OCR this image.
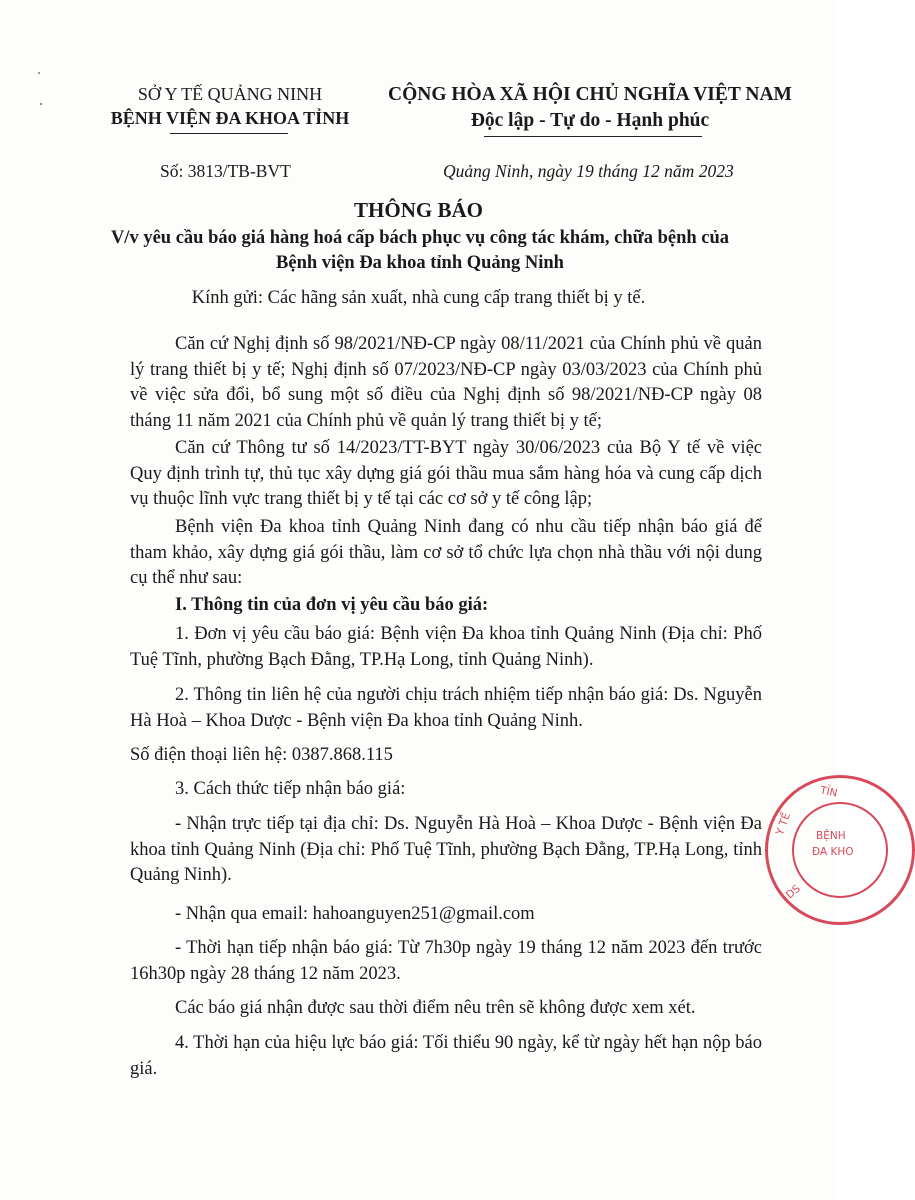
SỞ Y TẾ QUẢNG NINH
BỆNH VIỆN ĐA KHOA TỈNH
CỘNG HÒA XÃ HỘI CHỦ NGHĨA VIỆT NAM
Độc lập - Tự do - Hạnh phúc
Số: 3813/TB-BVT	Quảng Ninh, ngày 19 tháng 12 năm 2023
THÔNG BÁO
V/v yêu cầu báo giá hàng hoá cấp bách phục vụ công tác khám, chữa bệnh của Bệnh viện Đa khoa tỉnh Quảng Ninh
Kính gửi: Các hãng sản xuất, nhà cung cấp trang thiết bị y tế.
Căn cứ Nghị định số 98/2021/NĐ-CP ngày 08/11/2021 của Chính phủ về quản lý trang thiết bị y tế; Nghị định số 07/2023/NĐ-CP ngày 03/03/2023 của Chính phủ về việc sửa đổi, bổ sung một số điều của Nghị định số 98/2021/NĐ-CP ngày 08 tháng 11 năm 2021 của Chính phủ về quản lý trang thiết bị y tế;
Căn cứ Thông tư số 14/2023/TT-BYT ngày 30/06/2023 của Bộ Y tế về việc Quy định trình tự, thủ tục xây dựng giá gói thầu mua sắm hàng hóa và cung cấp dịch vụ thuộc lĩnh vực trang thiết bị y tế tại các cơ sở y tế công lập;
Bệnh viện Đa khoa tỉnh Quảng Ninh đang có nhu cầu tiếp nhận báo giá để tham khảo, xây dựng giá gói thầu, làm cơ sở tổ chức lựa chọn nhà thầu với nội dung cụ thể như sau:
I. Thông tin của đơn vị yêu cầu báo giá:
1. Đơn vị yêu cầu báo giá: Bệnh viện Đa khoa tỉnh Quảng Ninh (Địa chỉ: Phố Tuệ Tĩnh, phường Bạch Đằng, TP.Hạ Long, tỉnh Quảng Ninh).
2. Thông tin liên hệ của người chịu trách nhiệm tiếp nhận báo giá: Ds. Nguyễn Hà Hoà – Khoa Dược - Bệnh viện Đa khoa tỉnh Quảng Ninh.
Số điện thoại liên hệ: 0387.868.115
3. Cách thức tiếp nhận báo giá:
- Nhận trực tiếp tại địa chỉ: Ds. Nguyễn Hà Hoà – Khoa Dược - Bệnh viện Đa khoa tỉnh Quảng Ninh (Địa chỉ: Phố Tuệ Tĩnh, phường Bạch Đằng, TP.Hạ Long, tỉnh Quảng Ninh).
- Nhận qua email: hahoanguyen251@gmail.com
- Thời hạn tiếp nhận báo giá: Từ 7h30p ngày 19 tháng 12 năm 2023 đến trước 16h30p ngày 28 tháng 12 năm 2023.
Các báo giá nhận được sau thời điểm nêu trên sẽ không được xem xét.
4. Thời hạn của hiệu lực báo giá: Tối thiểu 90 ngày, kể từ ngày hết hạn nộp báo giá.
TỈN
BỆNH
ĐA KHO
Y TẾ
DS
